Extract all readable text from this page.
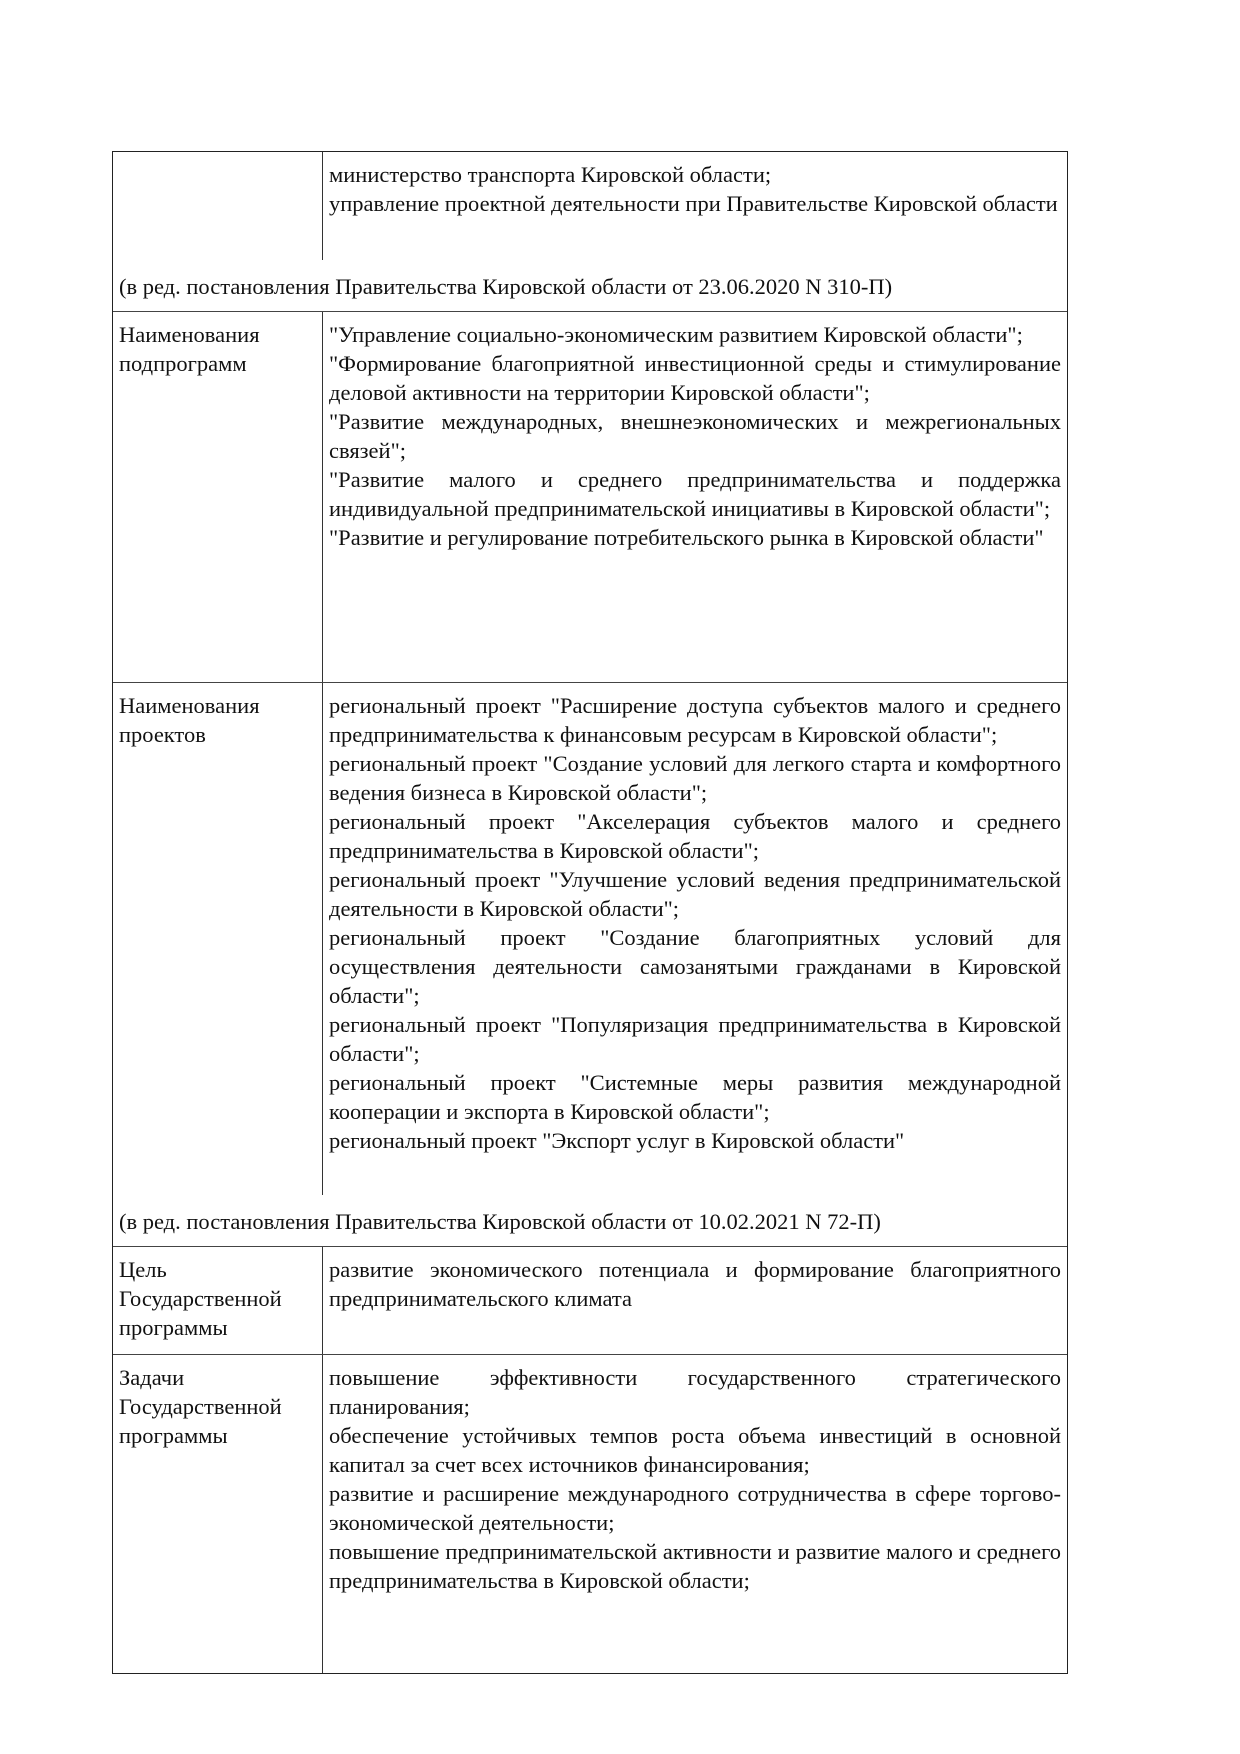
министерство транспорта Кировской области;
управление проектной деятельности при Правительстве Кировской области
(в ред. постановления Правительства Кировской области от 23.06.2020 N 310-П)
Наименования подпрограмм
"Управление социально-экономическим развитием Кировской области";
"Формирование благоприятной инвестиционной среды и стимулирование деловой активности на территории Кировской области";
"Развитие международных, внешнеэкономических и межрегиональных связей";
"Развитие малого и среднего предпринимательства и поддержка индивидуальной предпринимательской инициативы в Кировской области";
"Развитие и регулирование потребительского рынка в Кировской области"
Наименования проектов
региональный проект "Расширение доступа субъектов малого и среднего предпринимательства к финансовым ресурсам в Кировской области";
региональный проект "Создание условий для легкого старта и комфортного ведения бизнеса в Кировской области";
региональный проект "Акселерация субъектов малого и среднего предпринимательства в Кировской области";
региональный проект "Улучшение условий ведения предпринимательской деятельности в Кировской области";
региональный проект "Создание благоприятных условий для осуществления деятельности самозанятыми гражданами в Кировской области";
региональный проект "Популяризация предпринимательства в Кировской области";
региональный проект "Системные меры развития международной кооперации и экспорта в Кировской области";
региональный проект "Экспорт услуг в Кировской области"
(в ред. постановления Правительства Кировской области от 10.02.2021 N 72-П)
Цель Государственной программы
развитие экономического потенциала и формирование благоприятного предпринимательского климата
Задачи Государственной программы
повышение эффективности государственного стратегического планирования;
обеспечение устойчивых темпов роста объема инвестиций в основной капитал за счет всех источников финансирования;
развитие и расширение международного сотрудничества в сфере торгово-экономической деятельности;
повышение предпринимательской активности и развитие малого и среднего предпринимательства в Кировской области;
